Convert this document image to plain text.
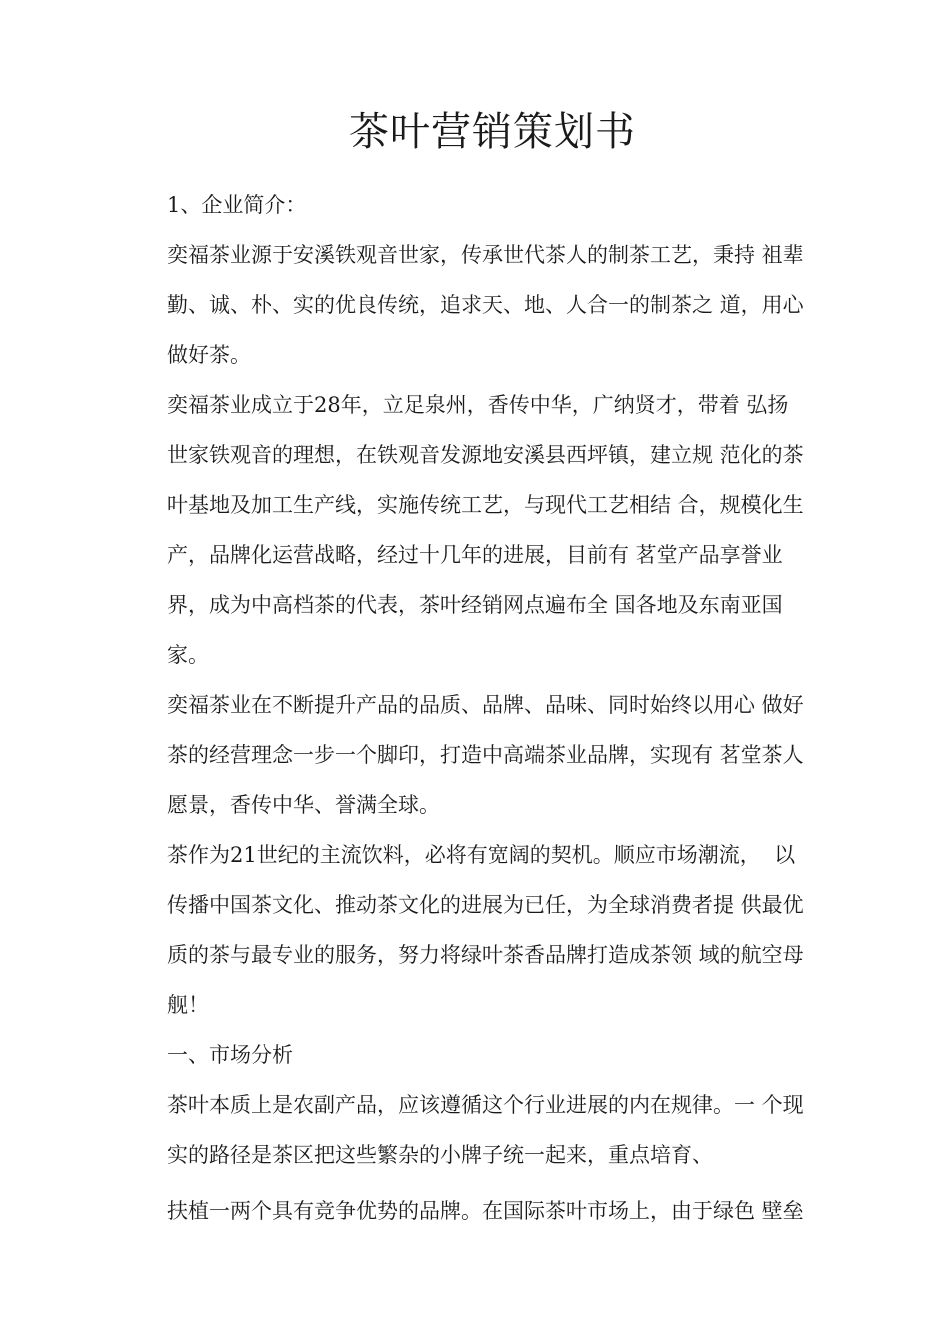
茶叶营销策划书

1、企业简介：

奕福茶业源于安溪铁观音世家，传承世代茶人的制茶工艺，秉持 祖辈

勤、诚、朴、实的优良传统，追求天、地、人合一的制茶之 道，用心

做好茶。

奕福茶业成立于28年，立足泉州，香传中华，广纳贤才，带着 弘扬

世家铁观音的理想，在铁观音发源地安溪县西坪镇，建立规 范化的茶

叶基地及加工生产线，实施传统工艺，与现代工艺相结 合，规模化生

产，品牌化运营战略，经过十几年的进展，目前有 茗堂产品享誉业

界，成为中高档茶的代表，茶叶经销网点遍布全 国各地及东南亚国

家。

奕福茶业在不断提升产品的品质、品牌、品味、同时始终以用心 做好

茶的经营理念一步一个脚印，打造中高端茶业品牌，实现有 茗堂茶人

愿景，香传中华、誉满全球。

茶作为21世纪的主流饮料，必将有宽阔的契机。顺应市场潮流，  以

传播中国茶文化、推动茶文化的进展为已任，为全球消费者提 供最优

质的茶与最专业的服务，努力将绿叶茶香品牌打造成茶领 域的航空母

舰！

一、市场分析

茶叶本质上是农副产品，应该遵循这个行业进展的内在规律。一 个现

实的路径是茶区把这些繁杂的小牌子统一起来，重点培育、

扶植一两个具有竞争优势的品牌。在国际茶叶市场上，由于绿色 壁垒
